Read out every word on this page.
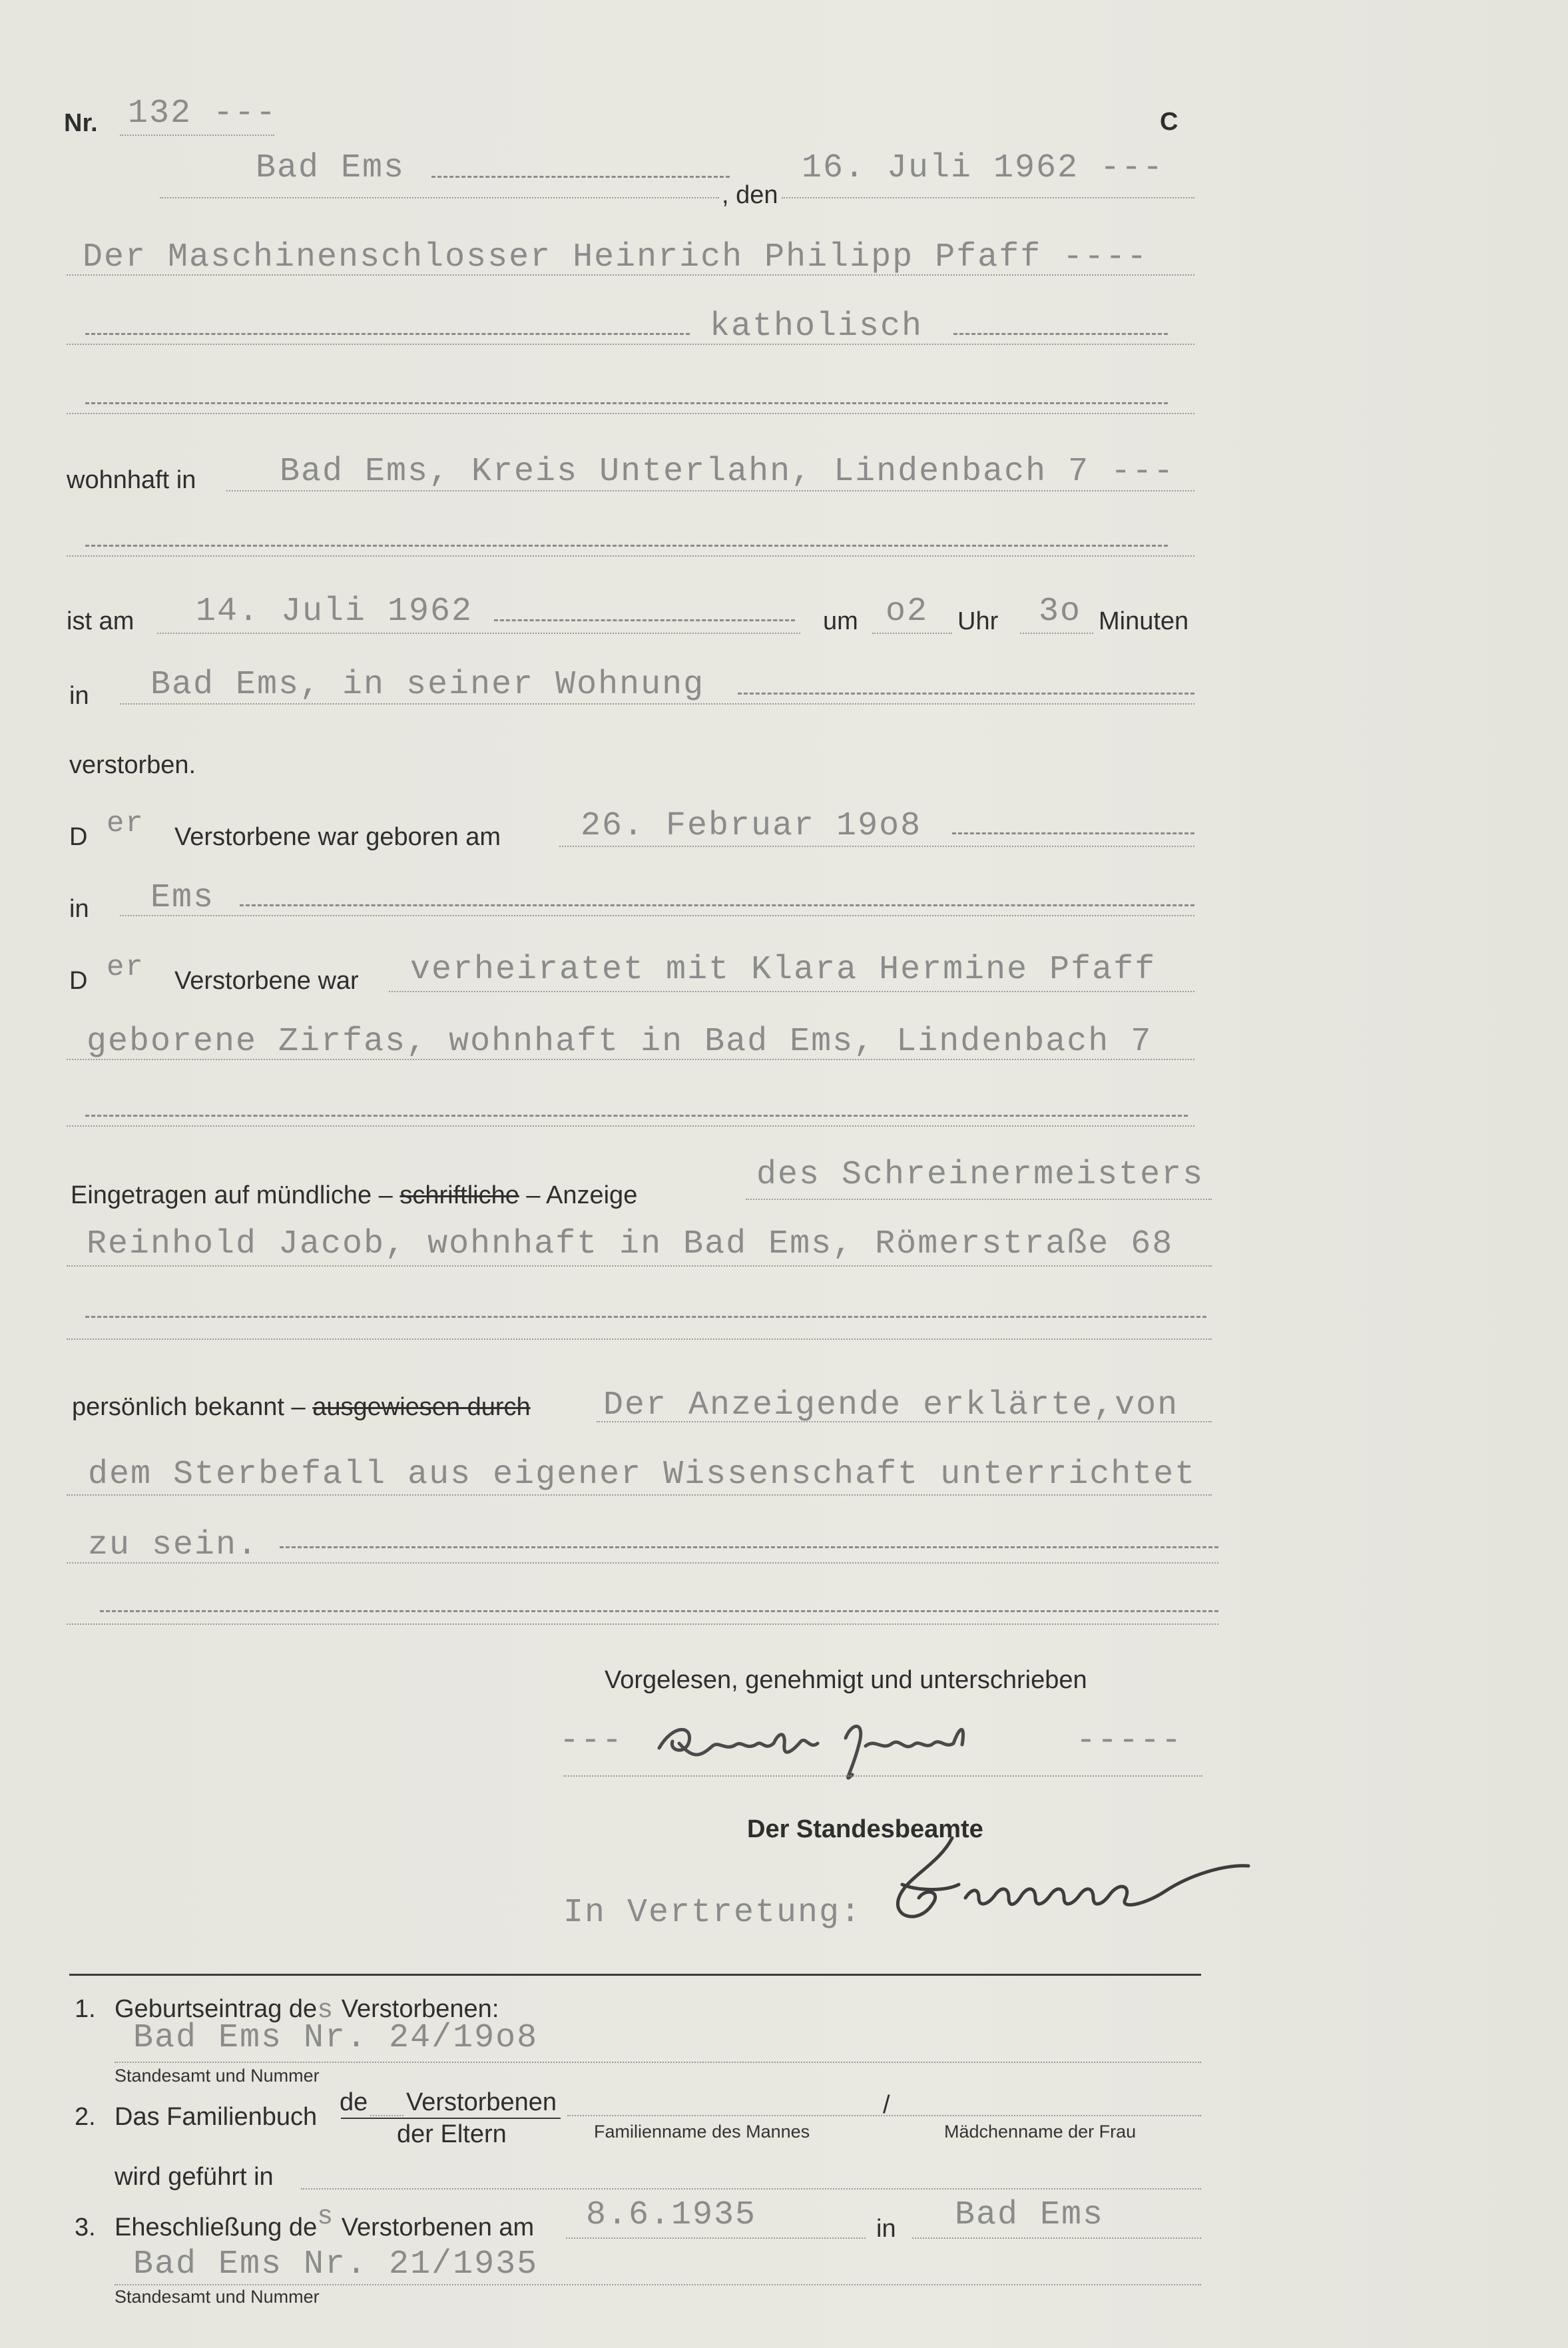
Nr. 132 ---	C
Bad Ems
, den
16. Juli 1962 ---
Der Maschinenschlosser Heinrich Philipp Pfaff ----
katholisch
wohnhaft in	Bad Ems, Kreis Unterlahn, Lindenbach 7 ---
ist am 14. Juli 1962	um o2 Uhr 3o Minuten
in Bad Ems, in seiner Wohnung
verstorben.
D er Verstorbene war geboren am 26. Februar 19o8
in Ems
D er Verstorbene war verheiratet mit Klara Hermine Pfaff
geborene Zirfas, wohnhaft in Bad Ems, Lindenbach 7
Eingetragen auf mündliche – schriftliche – Anzeige
des Schreinermeisters
Reinhold Jacob, wohnhaft in Bad Ems, Römerstraße 68
persönlich bekannt – ausgewiesen durch Der Anzeigende erklärte,von
dem Sterbefall aus eigener Wissenschaft unterrichtet
zu sein.
Vorgelesen, genehmigt und unterschrieben
---
Reinhold Jacob
-----
Der Standesbeamte
In Vertretung:
Gemmer
1. Geburtseintrag des Verstorbenen:
Bad Ems Nr. 24/19o8
Standesamt und Nummer
2. Das Familienbuch
de Verstorbenen
der Eltern
/
Familienname des Mannes	Mädchenname der Frau
wird geführt in
3. Eheschließung des Verstorbenen am 8.6.1935	in Bad Ems
Bad Ems Nr. 21/1935
Standesamt und Nummer
